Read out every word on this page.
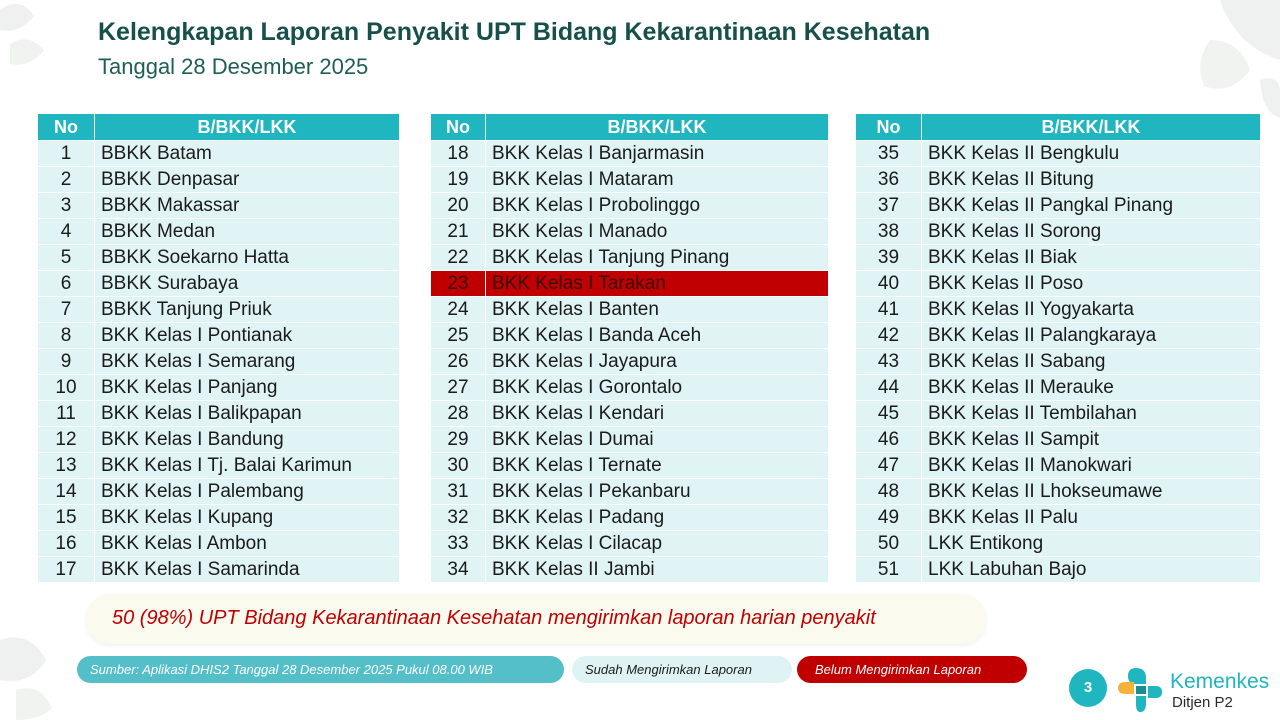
Kelengkapan Laporan Penyakit UPT Bidang Kekarantinaan Kesehatan
Tanggal 28 Desember 2025
No	B/BKK/LKK
1	BBKK Batam
2	BBKK Denpasar
3	BBKK Makassar
4	BBKK Medan
5	BBKK Soekarno Hatta
6	BBKK Surabaya
7	BBKK Tanjung Priuk
8	BKK Kelas I Pontianak
9	BKK Kelas I Semarang
10	BKK Kelas I Panjang
11	BKK Kelas I Balikpapan
12	BKK Kelas I Bandung
13	BKK Kelas I Tj. Balai Karimun
14	BKK Kelas I Palembang
15	BKK Kelas I Kupang
16	BKK Kelas I Ambon
17	BKK Kelas I Samarinda
No	B/BKK/LKK
18	BKK Kelas I Banjarmasin
19	BKK Kelas I Mataram
20	BKK Kelas I Probolinggo
21	BKK Kelas I Manado
22	BKK Kelas I Tanjung Pinang
23	BKK Kelas I Tarakan
24	BKK Kelas I Banten
25	BKK Kelas I Banda Aceh
26	BKK Kelas I Jayapura
27	BKK Kelas I Gorontalo
28	BKK Kelas I Kendari
29	BKK Kelas I Dumai
30	BKK Kelas I Ternate
31	BKK Kelas I Pekanbaru
32	BKK Kelas I Padang
33	BKK Kelas I Cilacap
34	BKK Kelas II Jambi
No	B/BKK/LKK
35	BKK Kelas II Bengkulu
36	BKK Kelas II Bitung
37	BKK Kelas II Pangkal Pinang
38	BKK Kelas II Sorong
39	BKK Kelas II Biak
40	BKK Kelas II Poso
41	BKK Kelas II Yogyakarta
42	BKK Kelas II Palangkaraya
43	BKK Kelas II Sabang
44	BKK Kelas II Merauke
45	BKK Kelas II Tembilahan
46	BKK Kelas II Sampit
47	BKK Kelas II Manokwari
48	BKK Kelas II Lhokseumawe
49	BKK Kelas II Palu
50	LKK Entikong
51	LKK Labuhan Bajo
50 (98%) UPT Bidang Kekarantinaan Kesehatan mengirimkan laporan harian penyakit
Sumber: Aplikasi DHIS2 Tanggal 28 Desember 2025 Pukul 08.00 WIB	Sudah Mengirimkan Laporan	Belum Mengirimkan Laporan
3	Kemenkes
Ditjen P2
